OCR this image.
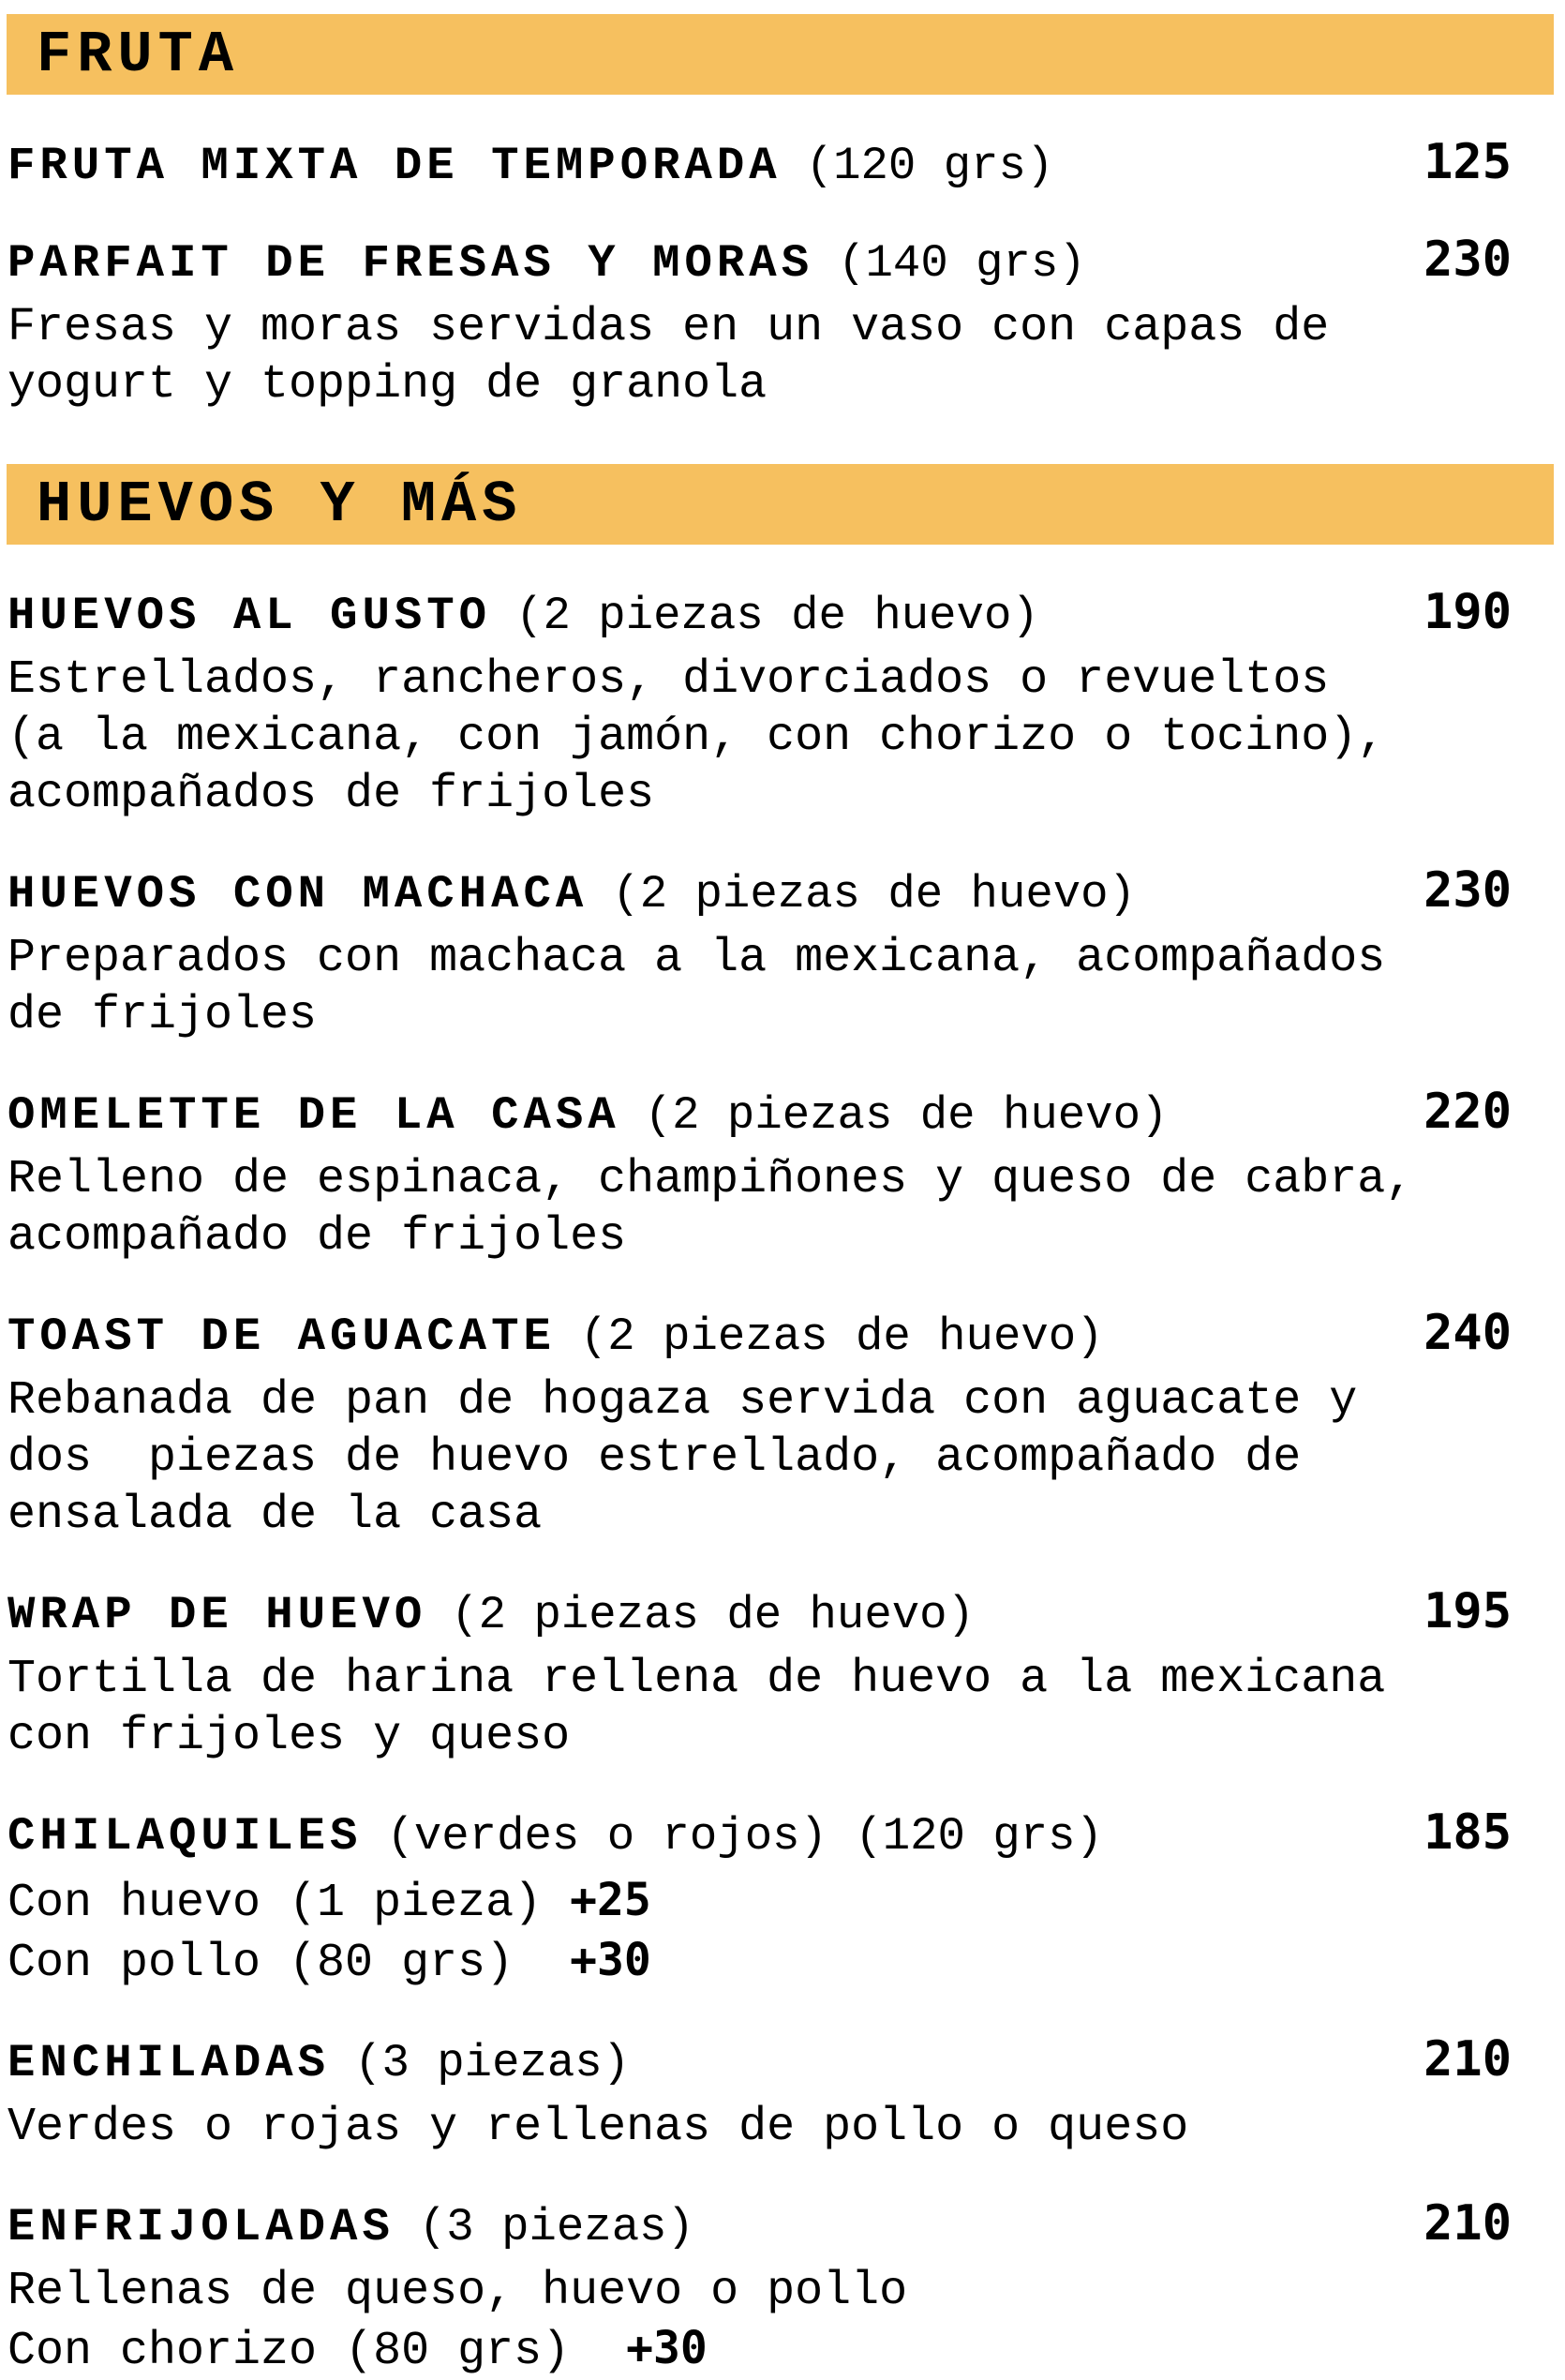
FRUTA
FRUTA MIXTA DE TEMPORADA (120 grs)	125
PARFAIT DE FRESAS Y MORAS (140 grs)	230
Fresas y moras servidas en un vaso con capas de
yogurt y topping de granola
HUEVOS Y MÁS
HUEVOS AL GUSTO (2 piezas de huevo)	190
Estrellados, rancheros, divorciados o revueltos
(a la mexicana, con jamón, con chorizo o tocino),
acompañados de frijoles
HUEVOS CON MACHACA (2 piezas de huevo)	230
Preparados con machaca a la mexicana, acompañados
de frijoles
OMELETTE DE LA CASA (2 piezas de huevo)	220
Relleno de espinaca, champiñones y queso de cabra,
acompañado de frijoles
TOAST DE AGUACATE (2 piezas de huevo)	240
Rebanada de pan de hogaza servida con aguacate y
dos  piezas de huevo estrellado, acompañado de
ensalada de la casa
WRAP DE HUEVO (2 piezas de huevo)	195
Tortilla de harina rellena de huevo a la mexicana
con frijoles y queso
CHILAQUILES (verdes o rojos) (120 grs)	185
Con huevo (1 pieza) +25
Con pollo (80 grs)  +30
ENCHILADAS (3 piezas)	210
Verdes o rojas y rellenas de pollo o queso
ENFRIJOLADAS (3 piezas)	210
Rellenas de queso, huevo o pollo
Con chorizo (80 grs)  +30
